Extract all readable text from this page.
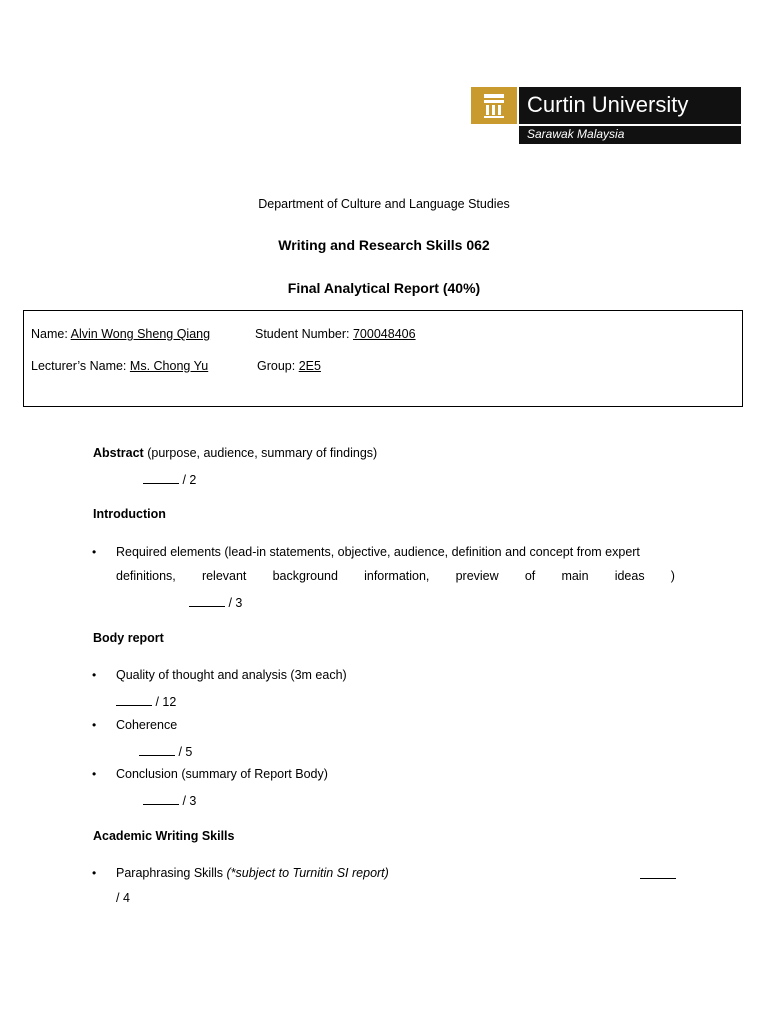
Curtin University
Sarawak Malaysia
Department of Culture and Language Studies
Writing and Research Skills 062
Final Analytical Report (40%)
Name: Alvin Wong Sheng Qiang	Student Number: 700048406
Lecturer’s Name: Ms. Chong Yu	Group: 2E5
Abstract (purpose, audience, summary of findings)
/ 2
Introduction
• Required elements (lead-in statements, objective, audience, definition and concept from expert
definitions, relevant background information, preview of main ideas )
/ 3
Body report
• Quality of thought and analysis (3m each)
/ 12
• Coherence
/ 5
• Conclusion (summary of Report Body)
/ 3
Academic Writing Skills
• Paraphrasing Skills (*subject to Turnitin SI report)
/ 4
